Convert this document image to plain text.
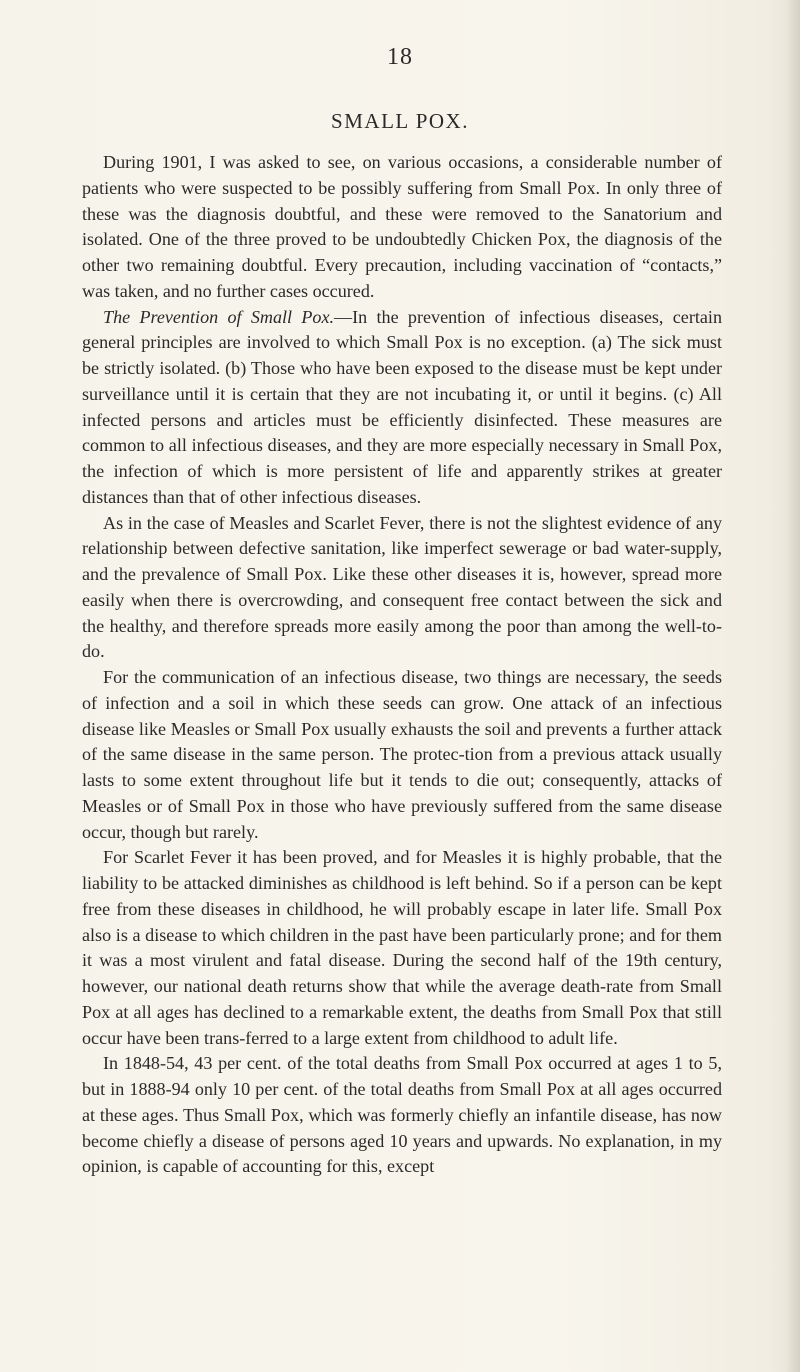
18
SMALL POX.

During 1901, I was asked to see, on various occasions, a considerable number of patients who were suspected to be possibly suffering from Small Pox. In only three of these was the diagnosis doubtful, and these were removed to the Sanatorium and isolated. One of the three proved to be undoubtedly Chicken Pox, the diagnosis of the other two remaining doubtful. Every precaution, including vaccination of “contacts,” was taken, and no further cases occured.

The Prevention of Small Pox.—In the prevention of infectious diseases, certain general principles are involved to which Small Pox is no exception. (a) The sick must be strictly isolated. (b) Those who have been exposed to the disease must be kept under surveillance until it is certain that they are not incubating it, or until it begins. (c) All infected persons and articles must be efficiently disinfected. These measures are common to all infectious diseases, and they are more especially necessary in Small Pox, the infection of which is more persistent of life and apparently strikes at greater distances than that of other infectious diseases.

As in the case of Measles and Scarlet Fever, there is not the slightest evidence of any relationship between defective sanitation, like imperfect sewerage or bad water-supply, and the prevalence of Small Pox. Like these other diseases it is, however, spread more easily when there is overcrowding, and consequent free contact between the sick and the healthy, and therefore spreads more easily among the poor than among the well-to-do.

For the communication of an infectious disease, two things are necessary, the seeds of infection and a soil in which these seeds can grow. One attack of an infectious disease like Measles or Small Pox usually exhausts the soil and prevents a further attack of the same disease in the same person. The protec-tion from a previous attack usually lasts to some extent throughout life but it tends to die out; consequently, attacks of Measles or of Small Pox in those who have previously suffered from the same disease occur, though but rarely.

For Scarlet Fever it has been proved, and for Measles it is highly probable, that the liability to be attacked diminishes as childhood is left behind. So if a person can be kept free from these diseases in childhood, he will probably escape in later life. Small Pox also is a disease to which children in the past have been particularly prone; and for them it was a most virulent and fatal disease. During the second half of the 19th century, however, our national death returns show that while the average death-rate from Small Pox at all ages has declined to a remarkable extent, the deaths from Small Pox that still occur have been trans-ferred to a large extent from childhood to adult life.

In 1848-54, 43 per cent. of the total deaths from Small Pox occurred at ages 1 to 5, but in 1888-94 only 10 per cent. of the total deaths from Small Pox at all ages occurred at these ages. Thus Small Pox, which was formerly chiefly an infantile disease, has now become chiefly a disease of persons aged 10 years and upwards. No explanation, in my opinion, is capable of accounting for this, except
